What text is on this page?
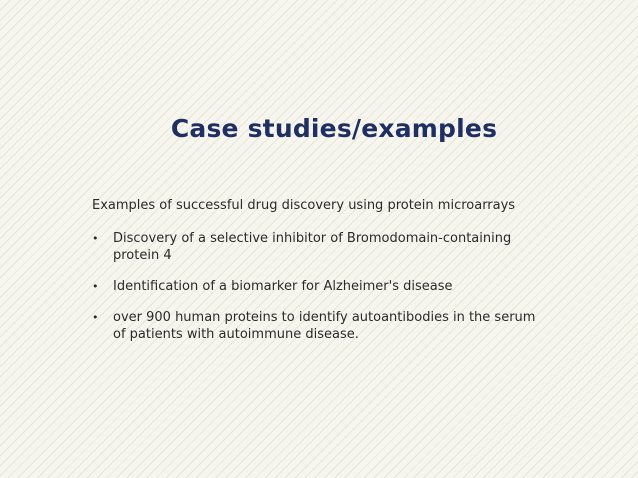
Case studies/examples
Examples of successful drug discovery using protein microarrays
• Discovery of a selective inhibitor of Bromodomain-containing protein 4
• Identification of a biomarker for Alzheimer's disease
• over 900 human proteins to identify autoantibodies in the serum of patients with autoimmune disease.
